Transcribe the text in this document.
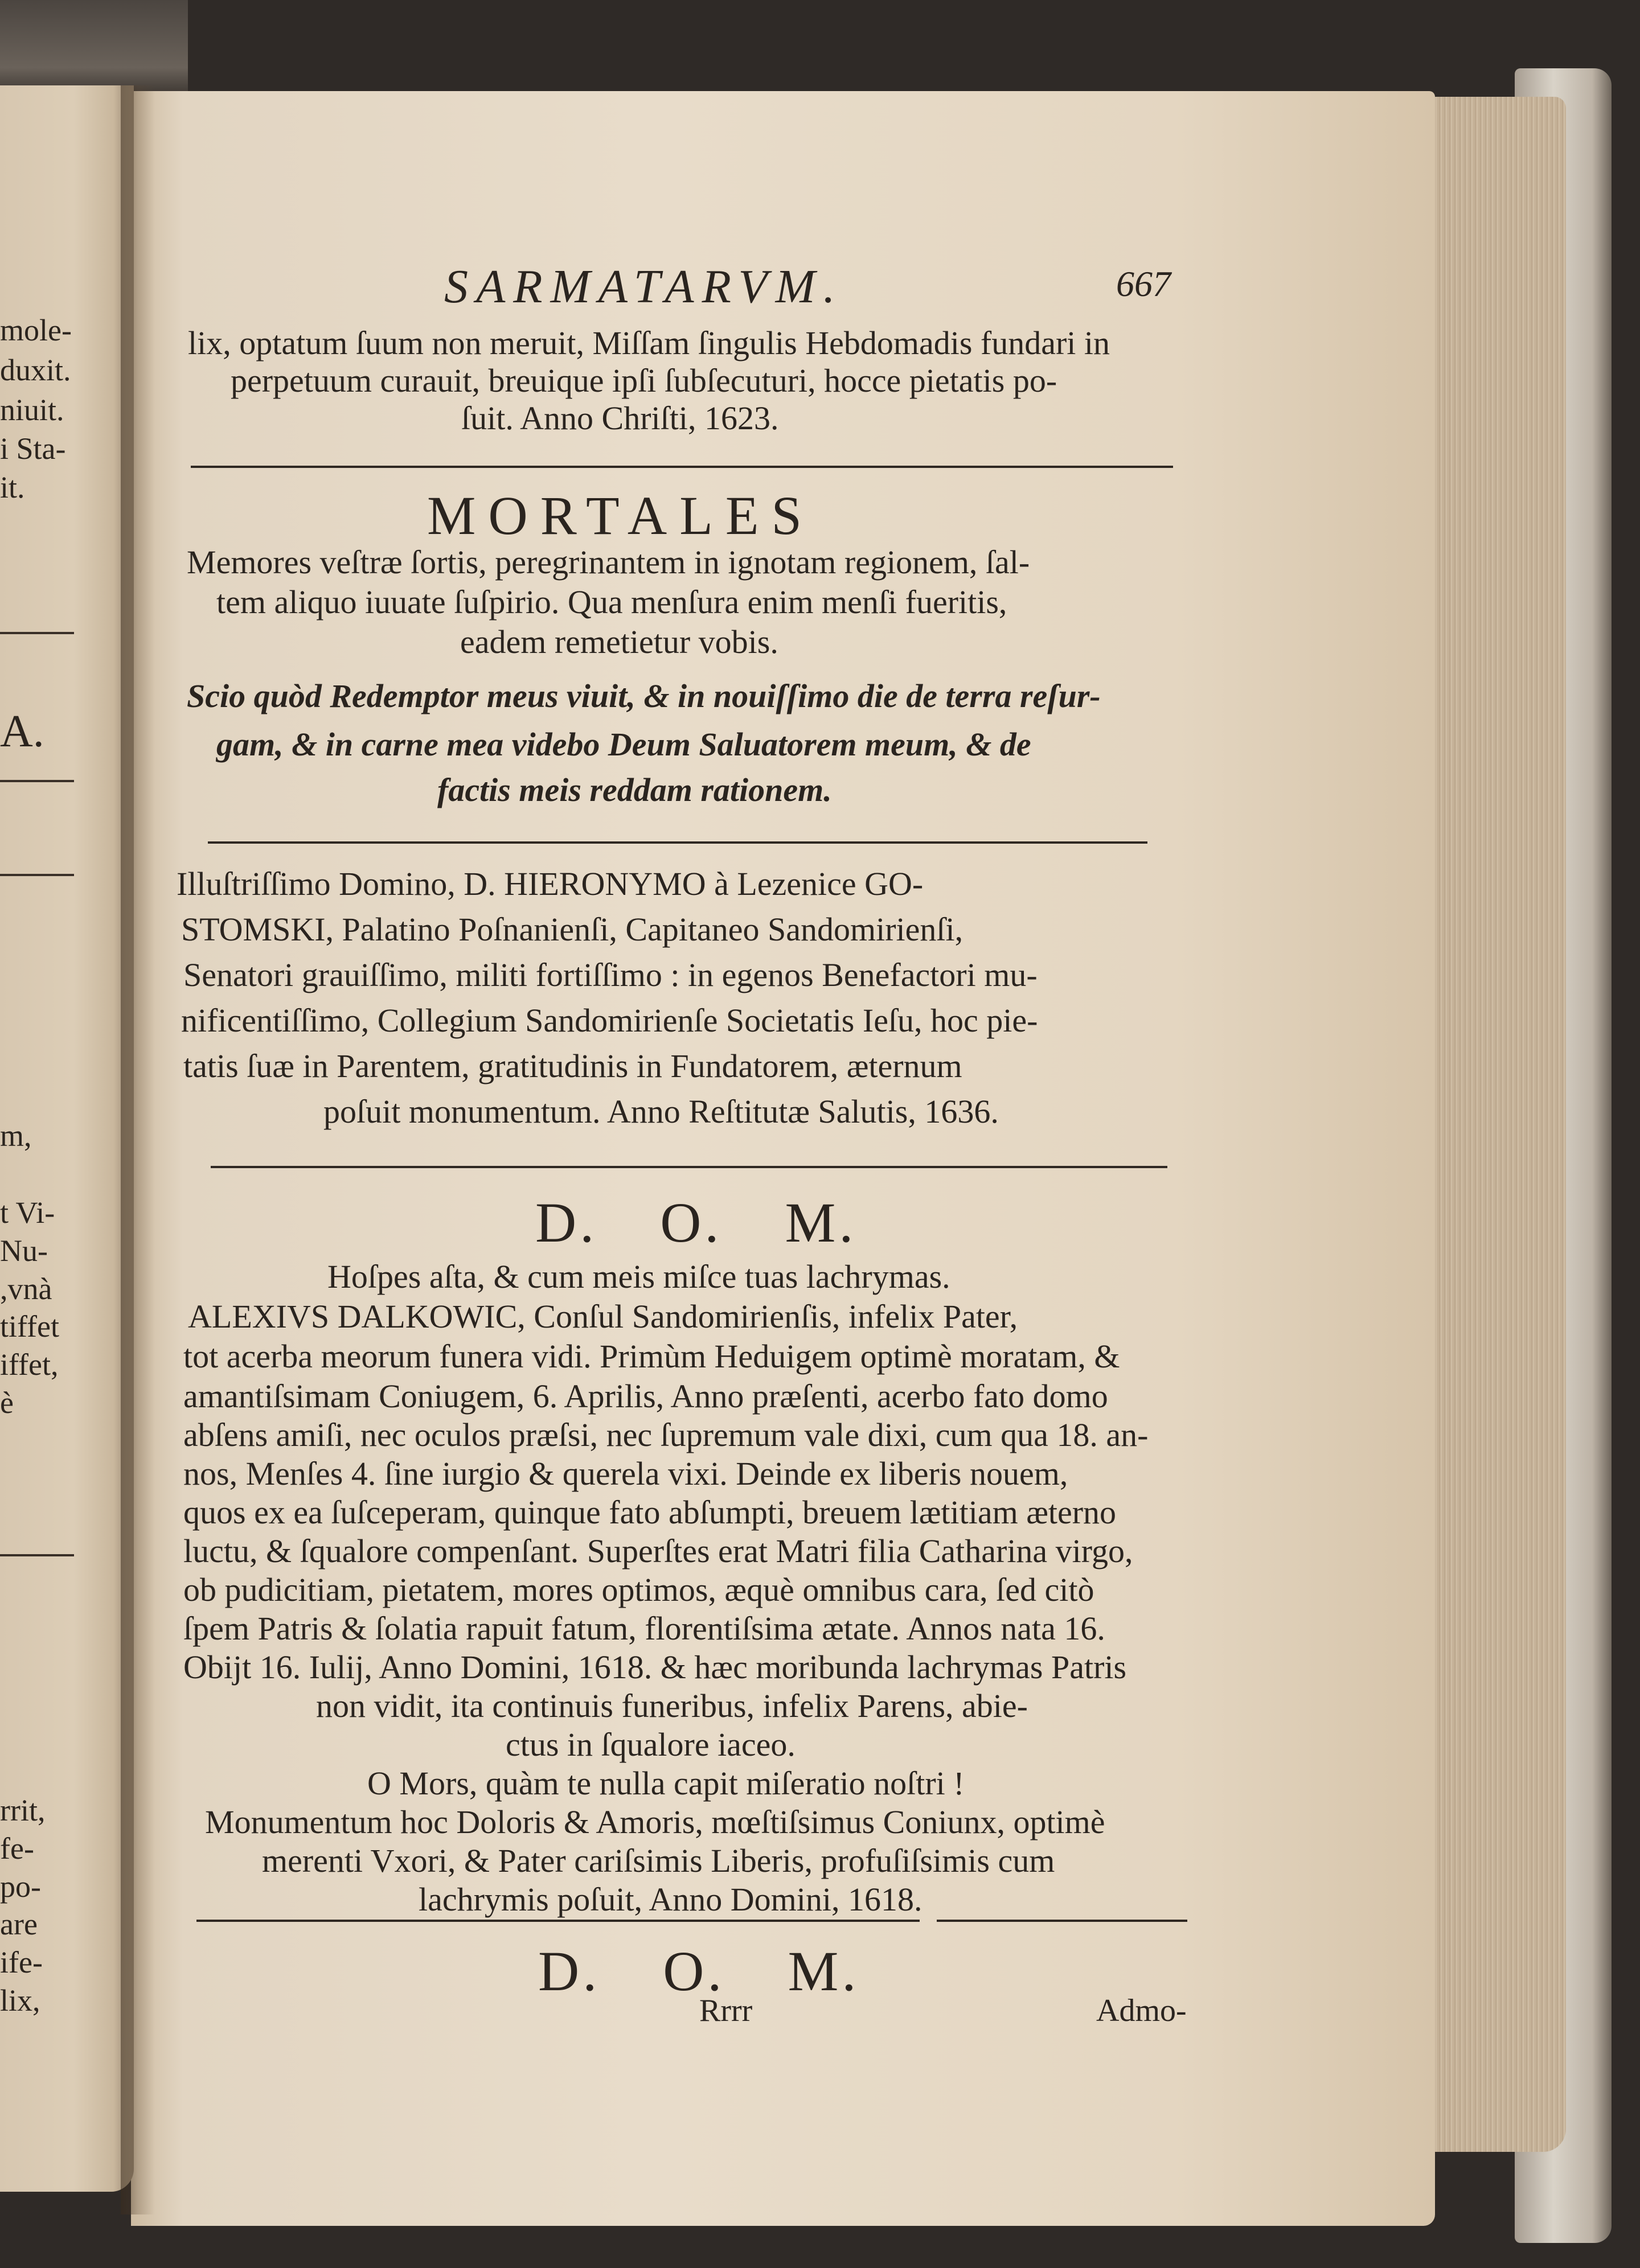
mole-
duxit.
niuit.
i Sta-
it.
A.
m,
t Vi-
Nu-
,vnà
tiffet
iffet,
è
rrit,
fe-
po-
are
ife-
lix,
SARMATARVM.	667
lix, optatum ſuum non meruit, Miſſam ſingulis Hebdomadis fundari in
perpetuum curauit, breuique ipſi ſubſecuturi, hocce pietatis po-
ſuit. Anno Chriſti, 1623.
MORTALES
Memores veſtræ ſortis, peregrinantem in ignotam regionem, ſal-
tem aliquo iuuate ſuſpirio. Qua menſura enim menſi fueritis,
eadem remetietur vobis.
Scio quòd Redemptor meus viuit, & in nouiſſimo die de terra reſur-
gam, & in carne mea videbo Deum Saluatorem meum, & de
factis meis reddam rationem.
Illuſtriſſimo Domino, D. HIERONYMO à Lezenice GO-
STOMSKI, Palatino Poſnanienſi, Capitaneo Sandomirienſi,
Senatori grauiſſimo, militi fortiſſimo : in egenos Benefactori mu-
nificentiſſimo, Collegium Sandomirienſe Societatis Ieſu, hoc pie-
tatis ſuæ in Parentem, gratitudinis in Fundatorem, æternum
poſuit monumentum. Anno Reſtitutæ Salutis, 1636.
D. O. M.
Hoſpes aſta, & cum meis miſce tuas lachrymas.
ALEXIVS DALKOWIC, Conſul Sandomirienſis, infelix Pater,
tot acerba meorum funera vidi. Primùm Heduigem optimè moratam, &
amantiſsimam Coniugem, 6. Aprilis, Anno præſenti, acerbo fato domo
abſens amiſi, nec oculos præſsi, nec ſupremum vale dixi, cum qua 18. an-
nos, Menſes 4. ſine iurgio & querela vixi. Deinde ex liberis nouem,
quos ex ea ſuſceperam, quinque fato abſumpti, breuem lætitiam æterno
luctu, & ſqualore compenſant. Superſtes erat Matri filia Catharina virgo,
ob pudicitiam, pietatem, mores optimos, æquè omnibus cara, ſed citò
ſpem Patris & ſolatia rapuit fatum, florentiſsima ætate. Annos nata 16.
Obijt 16. Iulij, Anno Domini, 1618. & hæc moribunda lachrymas Patris
non vidit, ita continuis funeribus, infelix Parens, abie-
ctus in ſqualore iaceo.
O Mors, quàm te nulla capit miſeratio noſtri !
Monumentum hoc Doloris & Amoris, mœſtiſsimus Coniunx, optimè
merenti Vxori, & Pater cariſsimis Liberis, profuſiſsimis cum
lachrymis poſuit, Anno Domini, 1618.
D. O. M.
Rrrr	Admo-
